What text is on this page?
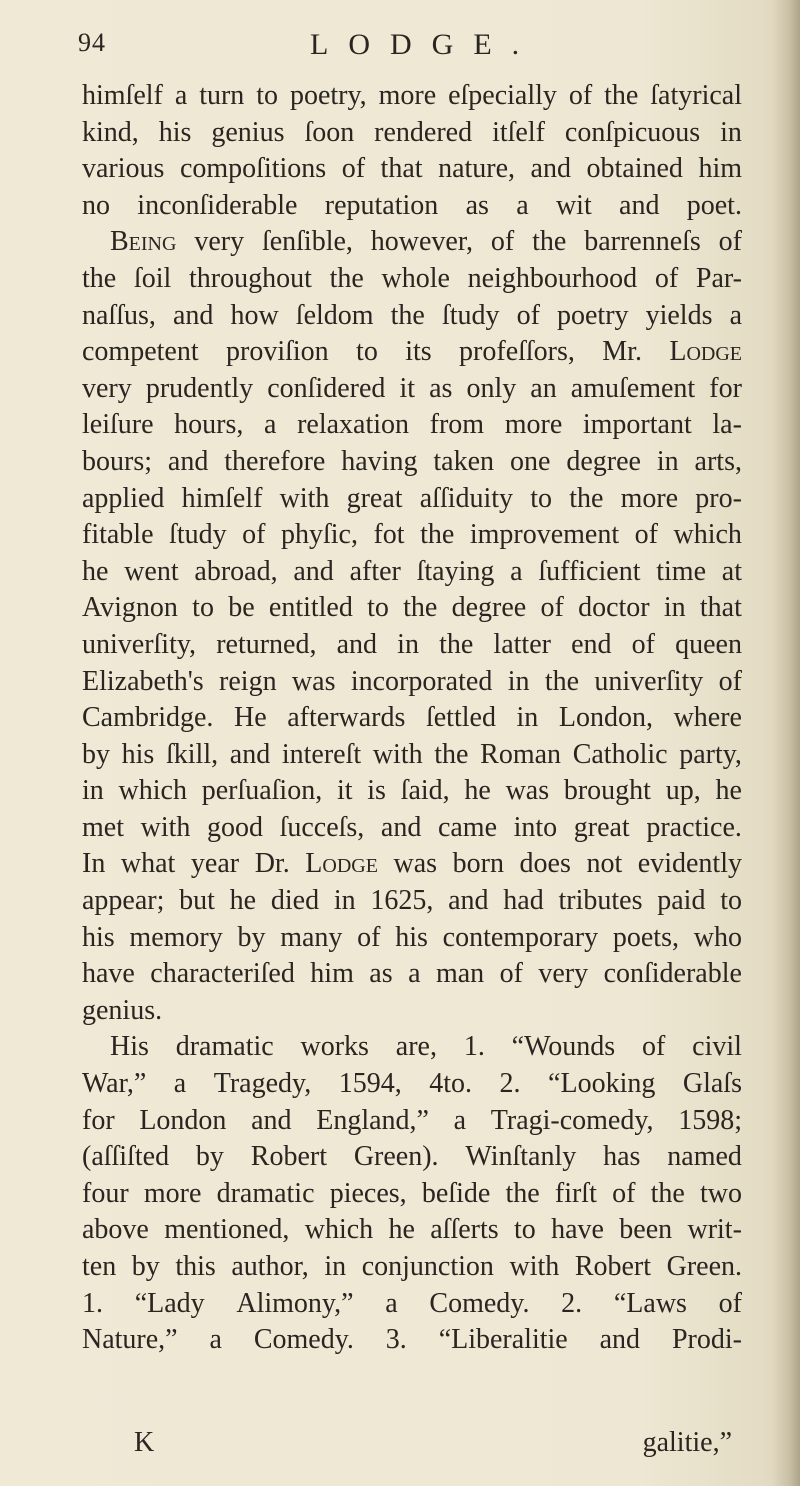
94	LODGE.
himſelf a turn to poetry, more eſpecially of the ſatyrical
kind, his genius ſoon rendered itſelf conſpicuous in
various compoſitions of that nature, and obtained him
no inconſiderable reputation as a wit and poet.
Being very ſenſible, however, of the barrenneſs of
the ſoil throughout the whole neighbourhood of Par-
naſſus, and how ſeldom the ſtudy of poetry yields a
competent proviſion to its profeſſors, Mr. Lodge
very prudently conſidered it as only an amuſement for
leiſure hours, a relaxation from more important la-
bours; and therefore having taken one degree in arts,
applied himſelf with great aſſiduity to the more pro-
fitable ſtudy of phyſic, fot the improvement of which
he went abroad, and after ſtaying a ſufficient time at
Avignon to be entitled to the degree of doctor in that
univerſity, returned, and in the latter end of queen
Elizabeth's reign was incorporated in the univerſity of
Cambridge. He afterwards ſettled in London, where
by his ſkill, and intereſt with the Roman Catholic party,
in which perſuaſion, it is ſaid, he was brought up, he
met with good ſucceſs, and came into great practice.
In what year Dr. Lodge was born does not evidently
appear; but he died in 1625, and had tributes paid to
his memory by many of his contemporary poets, who
have characteriſed him as a man of very conſiderable
genius.
His dramatic works are, 1. “Wounds of civil
War,” a Tragedy, 1594, 4to. 2. “Looking Glaſs
for London and England,” a Tragi-comedy, 1598;
(aſſiſted by Robert Green). Winſtanly has named
four more dramatic pieces, beſide the firſt of the two
above mentioned, which he aſſerts to have been writ-
ten by this author, in conjunction with Robert Green.
1. “Lady Alimony,” a Comedy. 2. “Laws of
Nature,” a Comedy. 3. “Liberalitie and Prodi-
K	galitie,”
